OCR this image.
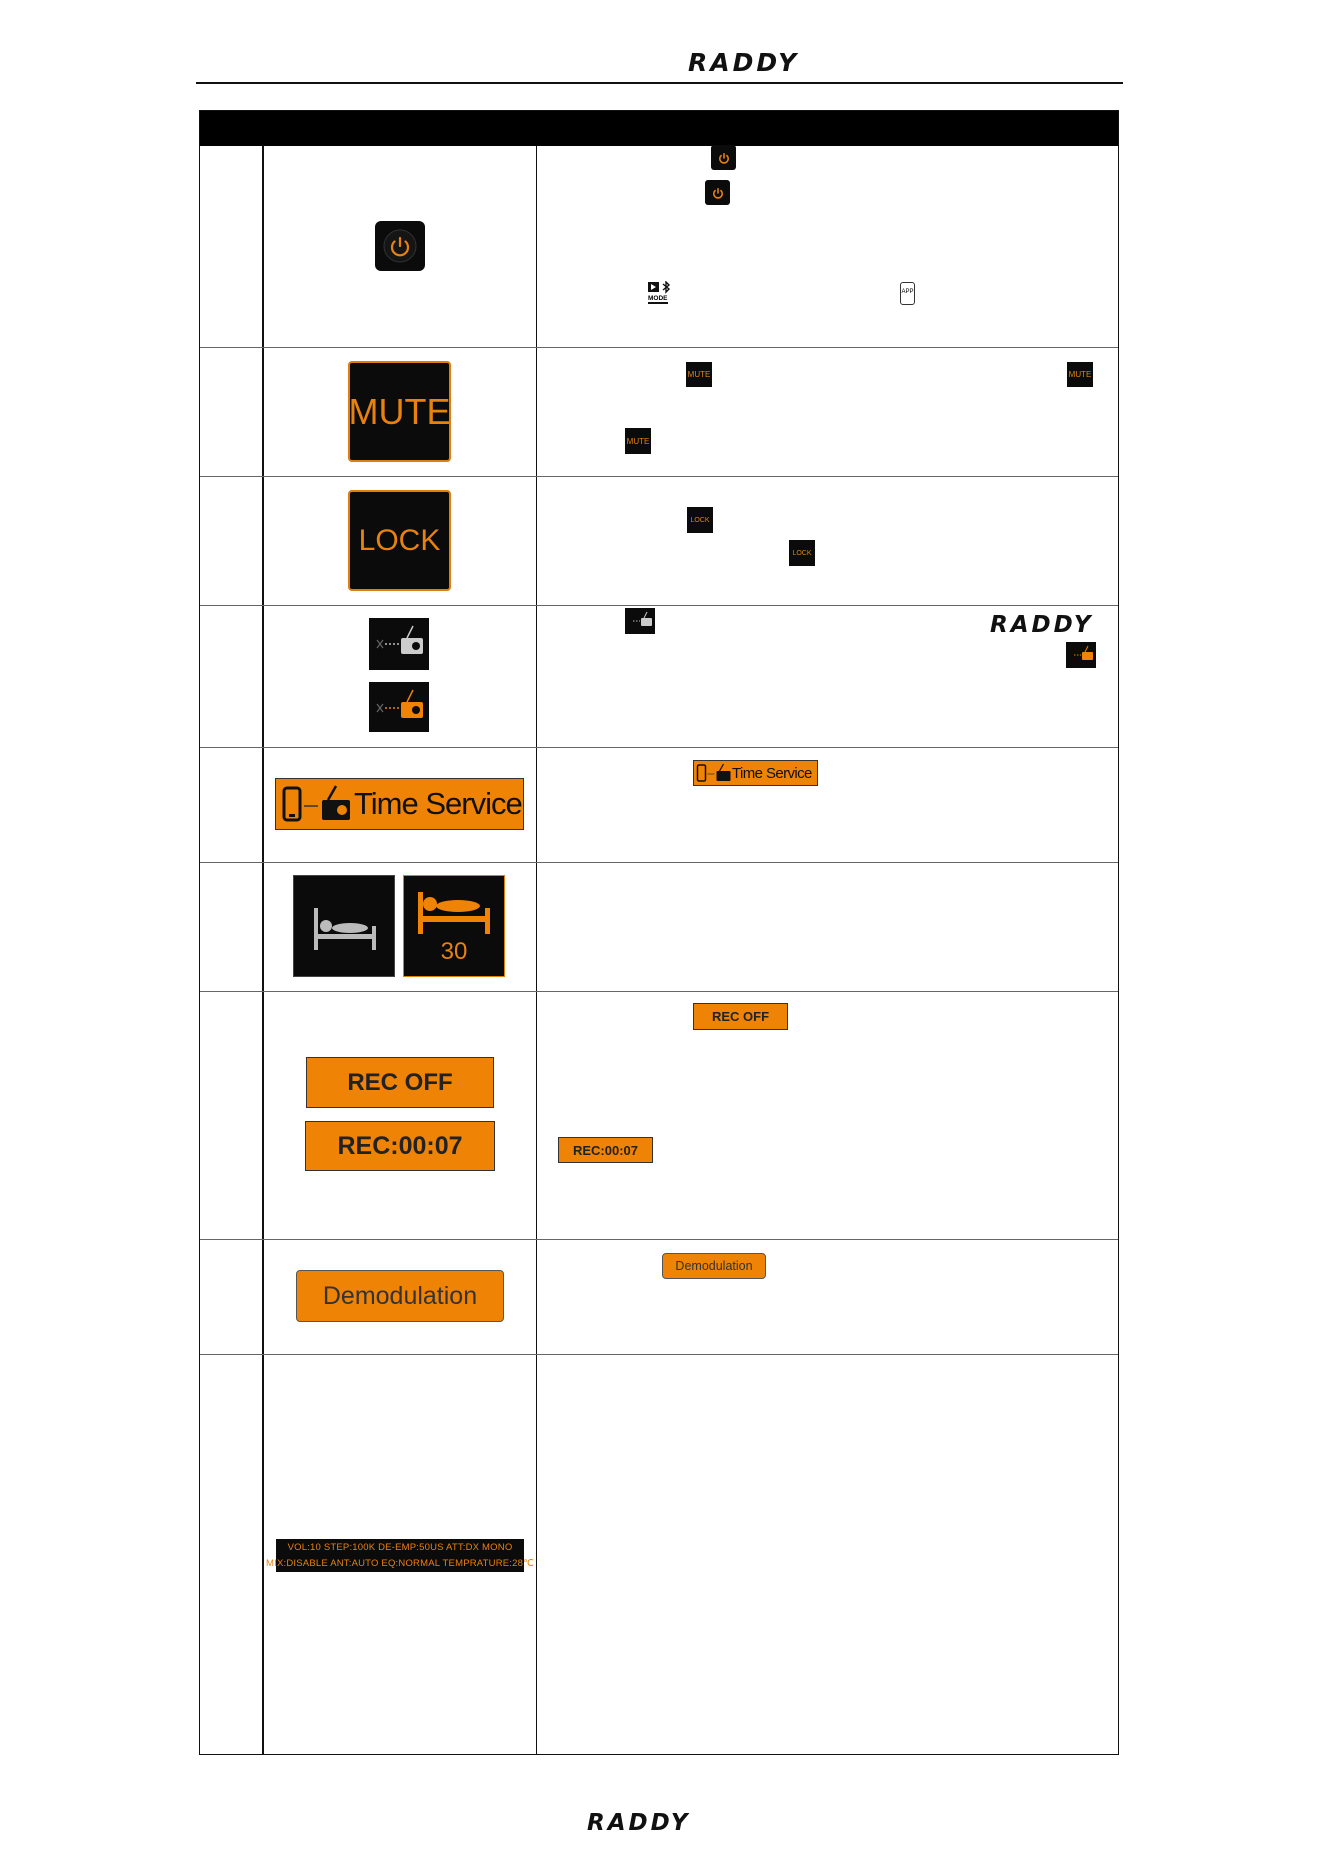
RADDY
MODE
APP
MUTE
MUTE	MUTE
MUTE
LOCK
LOCK
LOCK
RADDY
Time Service
Time Service
30
REC OFF
REC:00:07
REC OFF
REC:00:07
Demodulation
Demodulation
VOL:10 STEP:100K DE-EMP:50US ATT:DX MONO
MIX:DISABLE ANT:AUTO EQ:NORMAL TEMPRATURE:28℃
RADDY
